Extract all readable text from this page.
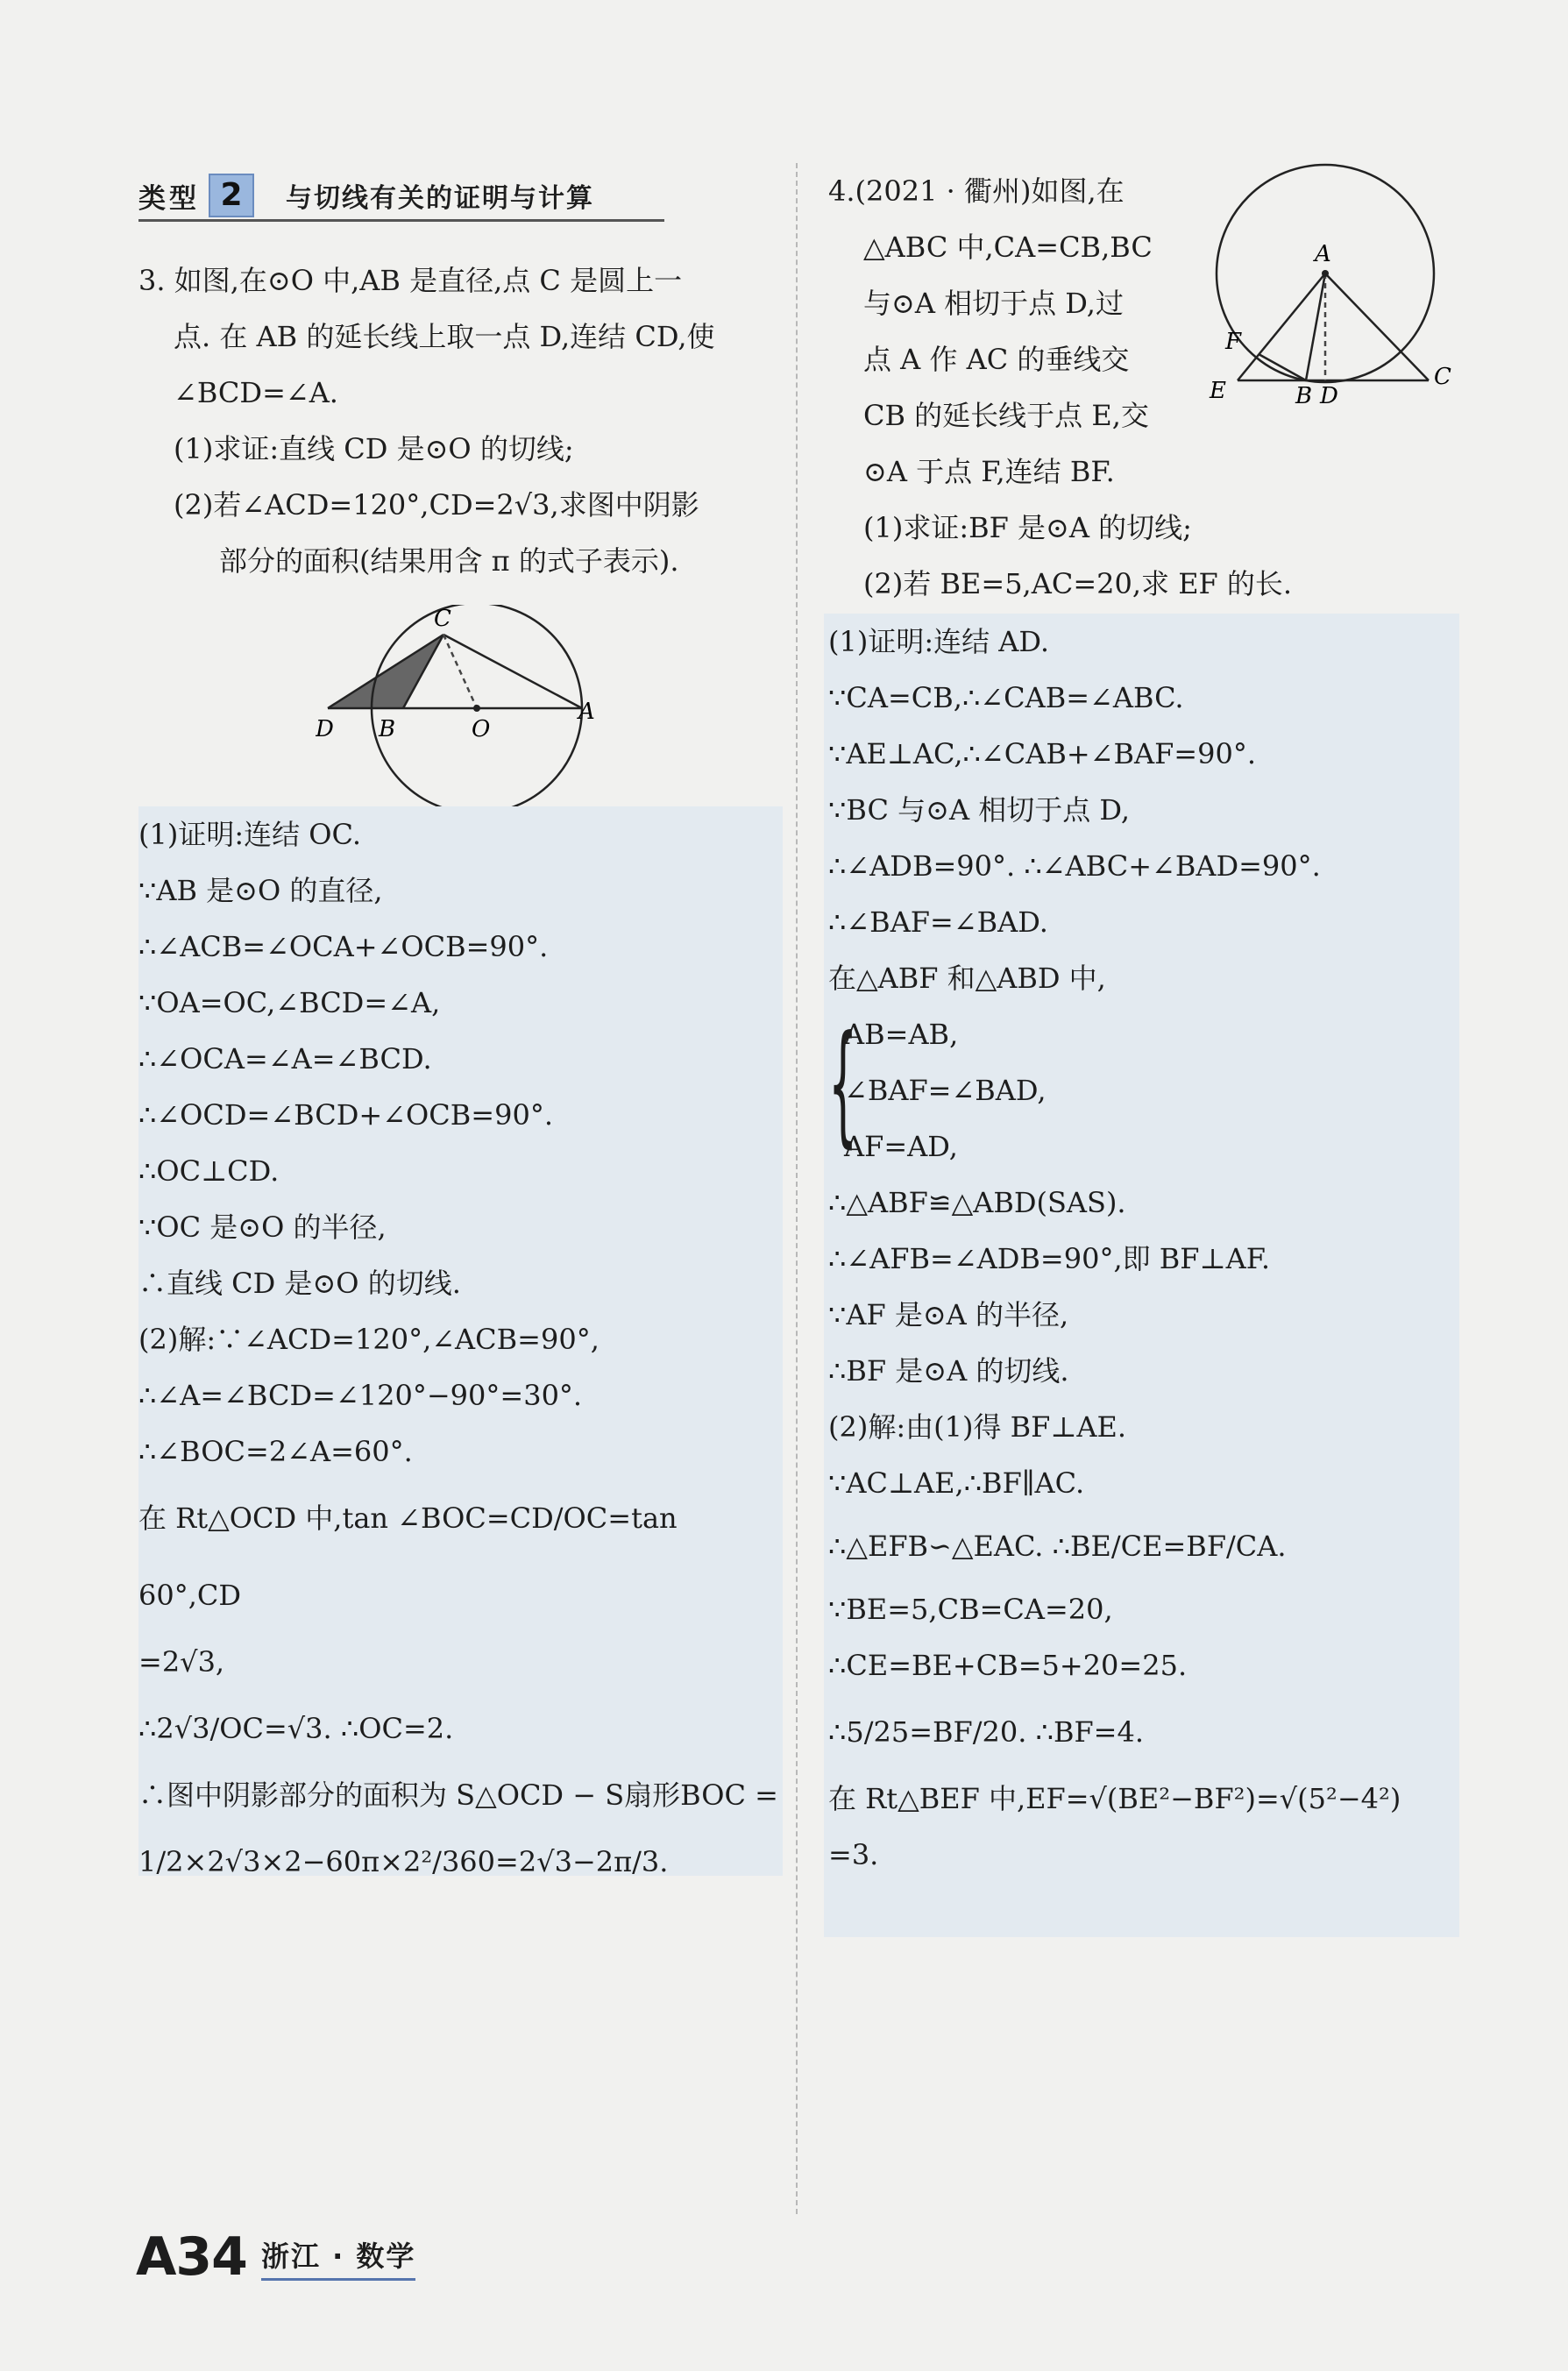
类型 2	与切线有关的证明与计算

3. 如图,在⊙O 中,AB 是直径,点 C 是圆上一

点. 在 AB 的延长线上取一点 D,连结 CD,使

∠BCD=∠A.

(1)求证:直线 CD 是⊙O 的切线;

(2)若∠ACD=120°,CD=2√3,求图中阴影

部分的面积(结果用含 π 的式子表示).

C
D B	O
A

(1)证明:连结 OC.

∵AB 是⊙O 的直径,

∴∠ACB=∠OCA+∠OCB=90°.

∵OA=OC,∠BCD=∠A,

∴∠OCA=∠A=∠BCD.

∴∠OCD=∠BCD+∠OCB=90°.

∴OC⊥CD.

∵OC 是⊙O 的半径,

∴直线 CD 是⊙O 的切线.

(2)解:∵∠ACD=120°,∠ACB=90°,

∴∠A=∠BCD=∠120°−90°=30°.

∴∠BOC=2∠A=60°.

在 Rt△OCD 中,tan ∠BOC=CD/OC=tan 60°,CD

=2√3,

∴2√3/OC=√3. ∴OC=2.

∴图中阴影部分的面积为 S△OCD − S扇形BOC =

1/2×2√3×2−60π×2²/360=2√3−2π/3.

4.(2021 · 衢州)如图,在

△ABC 中,CA=CB,BC

与⊙A 相切于点 D,过

点 A 作 AC 的垂线交

CB 的延长线于点 E,交

⊙A 于点 F,连结 BF.

(1)求证:BF 是⊙A 的切线;

(2)若 BE=5,AC=20,求 EF 的长.

A
F
E	B D
C

(1)证明:连结 AD.

∵CA=CB,∴∠CAB=∠ABC.

∵AE⊥AC,∴∠CAB+∠BAF=90°.

∵BC 与⊙A 相切于点 D,

∴∠ADB=90°. ∴∠ABC+∠BAD=90°.

∴∠BAF=∠BAD.

在△ABF 和△ABD 中,

{

AB=AB,

∠BAF=∠BAD,

AF=AD,

∴△ABF≌△ABD(SAS).

∴∠AFB=∠ADB=90°,即 BF⊥AF.

∵AF 是⊙A 的半径,

∴BF 是⊙A 的切线.

(2)解:由(1)得 BF⊥AE.

∵AC⊥AE,∴BF∥AC.

∴△EFB∽△EAC. ∴BE/CE=BF/CA.

∵BE=5,CB=CA=20,

∴CE=BE+CB=5+20=25.

∴5/25=BF/20. ∴BF=4.

在 Rt△BEF 中,EF=√(BE²−BF²)=√(5²−4²)

=3.

A34 浙江 · 数学
